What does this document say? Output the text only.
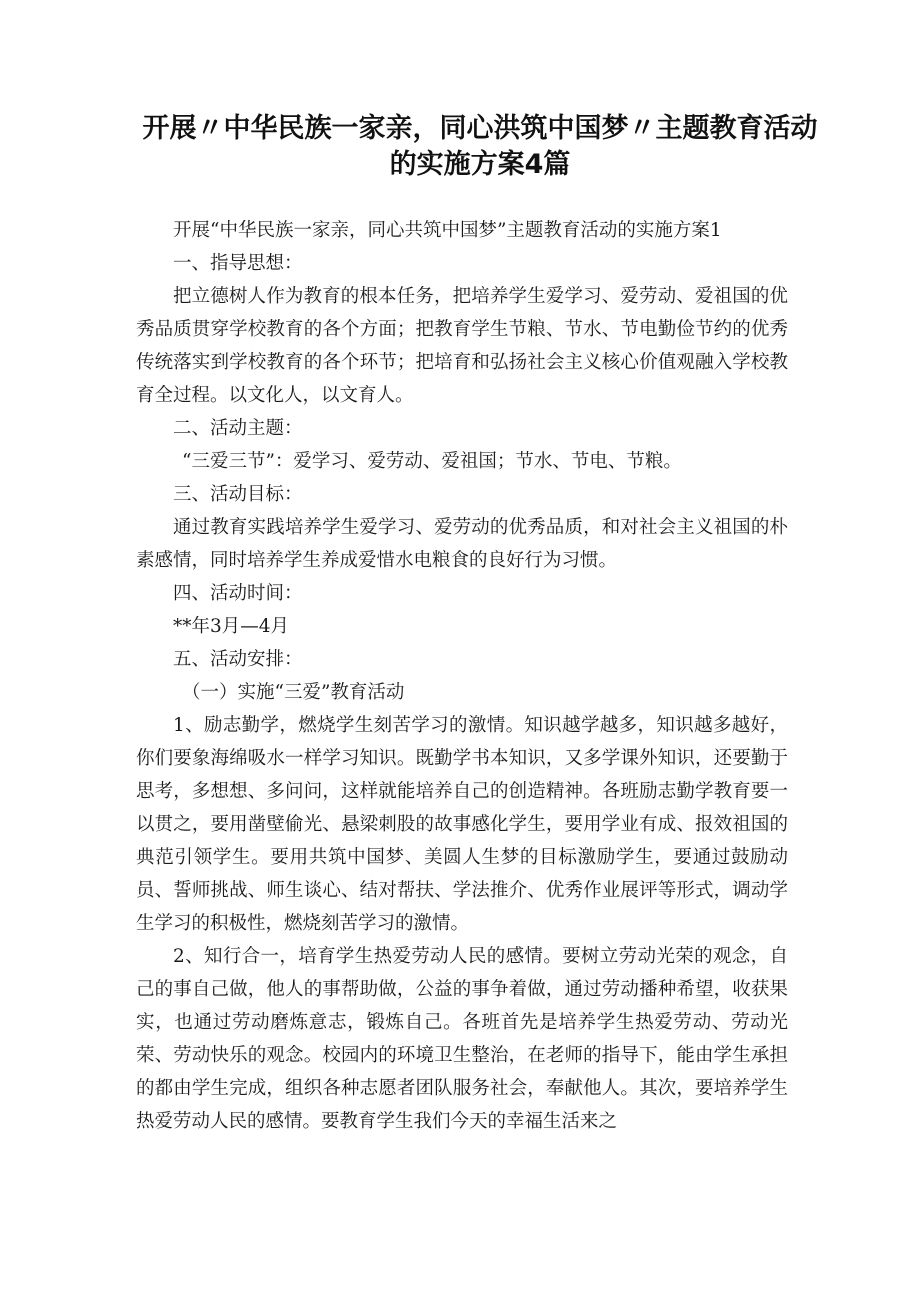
开展〃中华民族一家亲，同心洪筑中国梦〃主题教育活动
的实施方案4篇

开展“中华民族一家亲，同心共筑中国梦”主题教育活动的实施方案1

一、指导思想：

把立德树人作为教育的根本任务，把培养学生爱学习、爱劳动、爱祖国的优秀品质贯穿学校教育的各个方面；把教育学生节粮、节水、节电勤俭节约的优秀传统落实到学校教育的各个环节；把培育和弘扬社会主义核心价值观融入学校教育全过程。以文化人，以文育人。

二、活动主题：

“三爱三节”：爱学习、爱劳动、爱祖国；节水、节电、节粮。

三、活动目标：

通过教育实践培养学生爱学习、爱劳动的优秀品质，和对社会主义祖国的朴素感情，同时培养学生养成爱惜水电粮食的良好行为习惯。

四、活动时间：

**年3月—4月

五、活动安排：

（一）实施“三爱”教育活动

1、励志勤学，燃烧学生刻苦学习的激情。知识越学越多，知识越多越好，你们要象海绵吸水一样学习知识。既勤学书本知识，又多学课外知识，还要勤于思考，多想想、多问问，这样就能培养自己的创造精神。各班励志勤学教育要一以贯之，要用凿壁偷光、悬梁刺股的故事感化学生，要用学业有成、报效祖国的典范引领学生。要用共筑中国梦、美圆人生梦的目标激励学生，要通过鼓励动员、誓师挑战、师生谈心、结对帮扶、学法推介、优秀作业展评等形式，调动学生学习的积极性，燃烧刻苦学习的激情。

2、知行合一，培育学生热爱劳动人民的感情。要树立劳动光荣的观念，自己的事自己做，他人的事帮助做，公益的事争着做，通过劳动播种希望，收获果实，也通过劳动磨炼意志，锻炼自己。各班首先是培养学生热爱劳动、劳动光荣、劳动快乐的观念。校园内的环境卫生整治，在老师的指导下，能由学生承担的都由学生完成，组织各种志愿者团队服务社会，奉献他人。其次，要培养学生热爱劳动人民的感情。要教育学生我们今天的幸福生活来之
